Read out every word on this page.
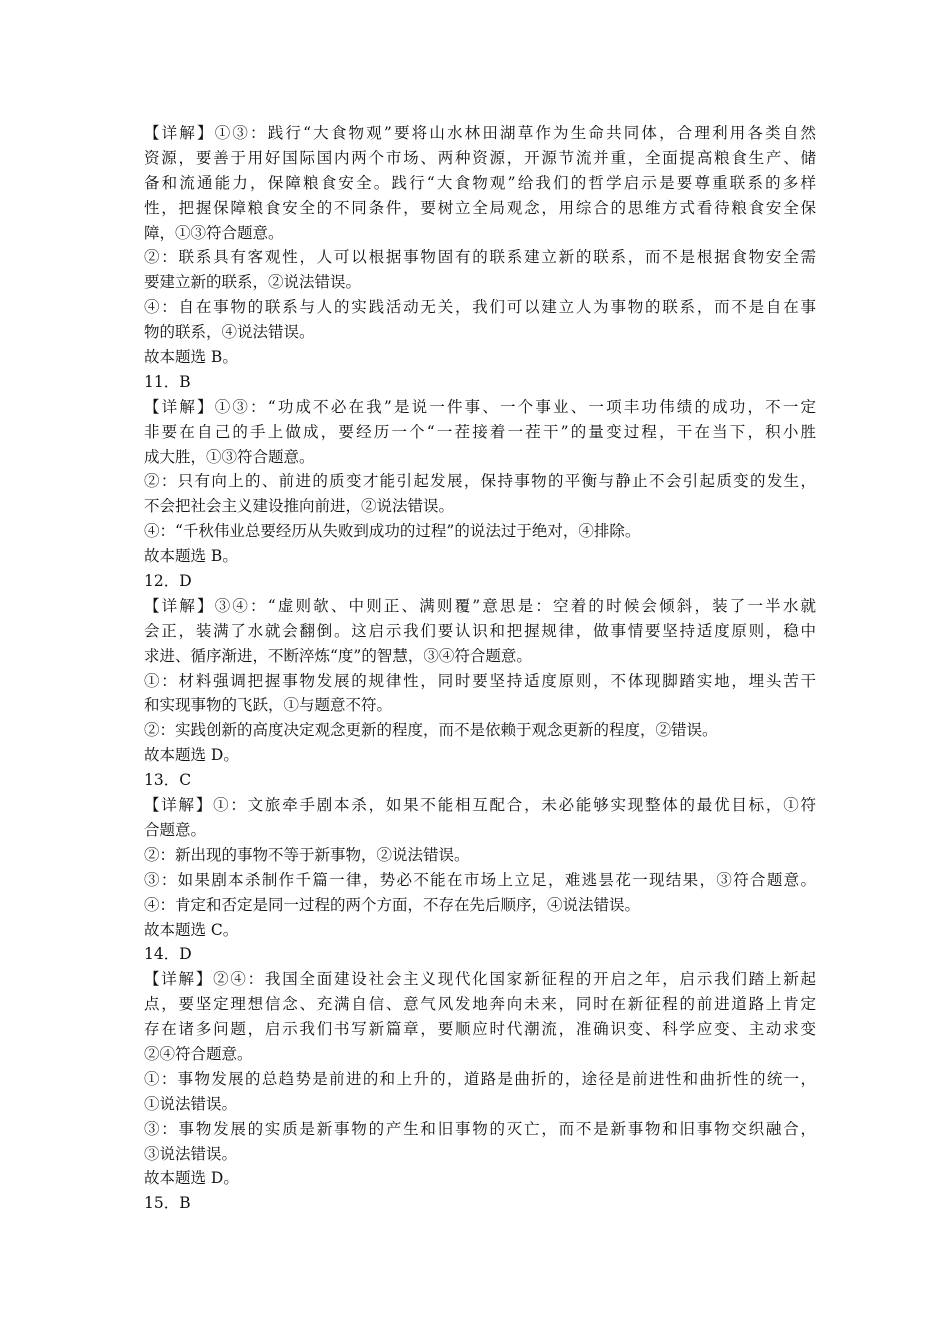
【详解】①③：践行“大食物观”要将山水林田湖草作为生命共同体，合理利用各类自然
资源，要善于用好国际国内两个市场、两种资源，开源节流并重，全面提高粮食生产、储
备和流通能力，保障粮食安全。践行“大食物观”给我们的哲学启示是要尊重联系的多样
性，把握保障粮食安全的不同条件，要树立全局观念，用综合的思维方式看待粮食安全保
障，①③符合题意。
②：联系具有客观性，人可以根据事物固有的联系建立新的联系，而不是根据食物安全需
要建立新的联系，②说法错误。
④：自在事物的联系与人的实践活动无关，我们可以建立人为事物的联系，而不是自在事
物的联系，④说法错误。
故本题选 B。
11．B
【详解】①③：“功成不必在我”是说一件事、一个事业、一项丰功伟绩的成功，不一定
非要在自己的手上做成，要经历一个“一茬接着一茬干”的量变过程，干在当下，积小胜
成大胜，①③符合题意。
②：只有向上的、前进的质变才能引起发展，保持事物的平衡与静止不会引起质变的发生，
不会把社会主义建设推向前进，②说法错误。
④：“千秋伟业总要经历从失败到成功的过程”的说法过于绝对，④排除。
故本题选 B。
12．D
【详解】③④：“虚则欹、中则正、满则覆”意思是：空着的时候会倾斜，装了一半水就
会正，装满了水就会翻倒。这启示我们要认识和把握规律，做事情要坚持适度原则，稳中
求进、循序渐进，不断淬炼“度”的智慧，③④符合题意。
①：材料强调把握事物发展的规律性，同时要坚持适度原则，不体现脚踏实地，埋头苦干
和实现事物的飞跃，①与题意不符。
②：实践创新的高度决定观念更新的程度，而不是依赖于观念更新的程度，②错误。
故本题选 D。
13．C
【详解】①：文旅牵手剧本杀，如果不能相互配合，未必能够实现整体的最优目标，①符
合题意。
②：新出现的事物不等于新事物，②说法错误。
③：如果剧本杀制作千篇一律，势必不能在市场上立足，难逃昙花一现结果，③符合题意。
④：肯定和否定是同一过程的两个方面，不存在先后顺序，④说法错误。
故本题选 C。
14．D
【详解】②④：我国全面建设社会主义现代化国家新征程的开启之年，启示我们踏上新起
点，要坚定理想信念、充满自信、意气风发地奔向未来，同时在新征程的前进道路上肯定
存在诸多问题，启示我们书写新篇章，要顺应时代潮流，准确识变、科学应变、主动求变
②④符合题意。
①：事物发展的总趋势是前进的和上升的，道路是曲折的，途径是前进性和曲折性的统一，
①说法错误。
③：事物发展的实质是新事物的产生和旧事物的灭亡，而不是新事物和旧事物交织融合，
③说法错误。
故本题选 D。
15．B
